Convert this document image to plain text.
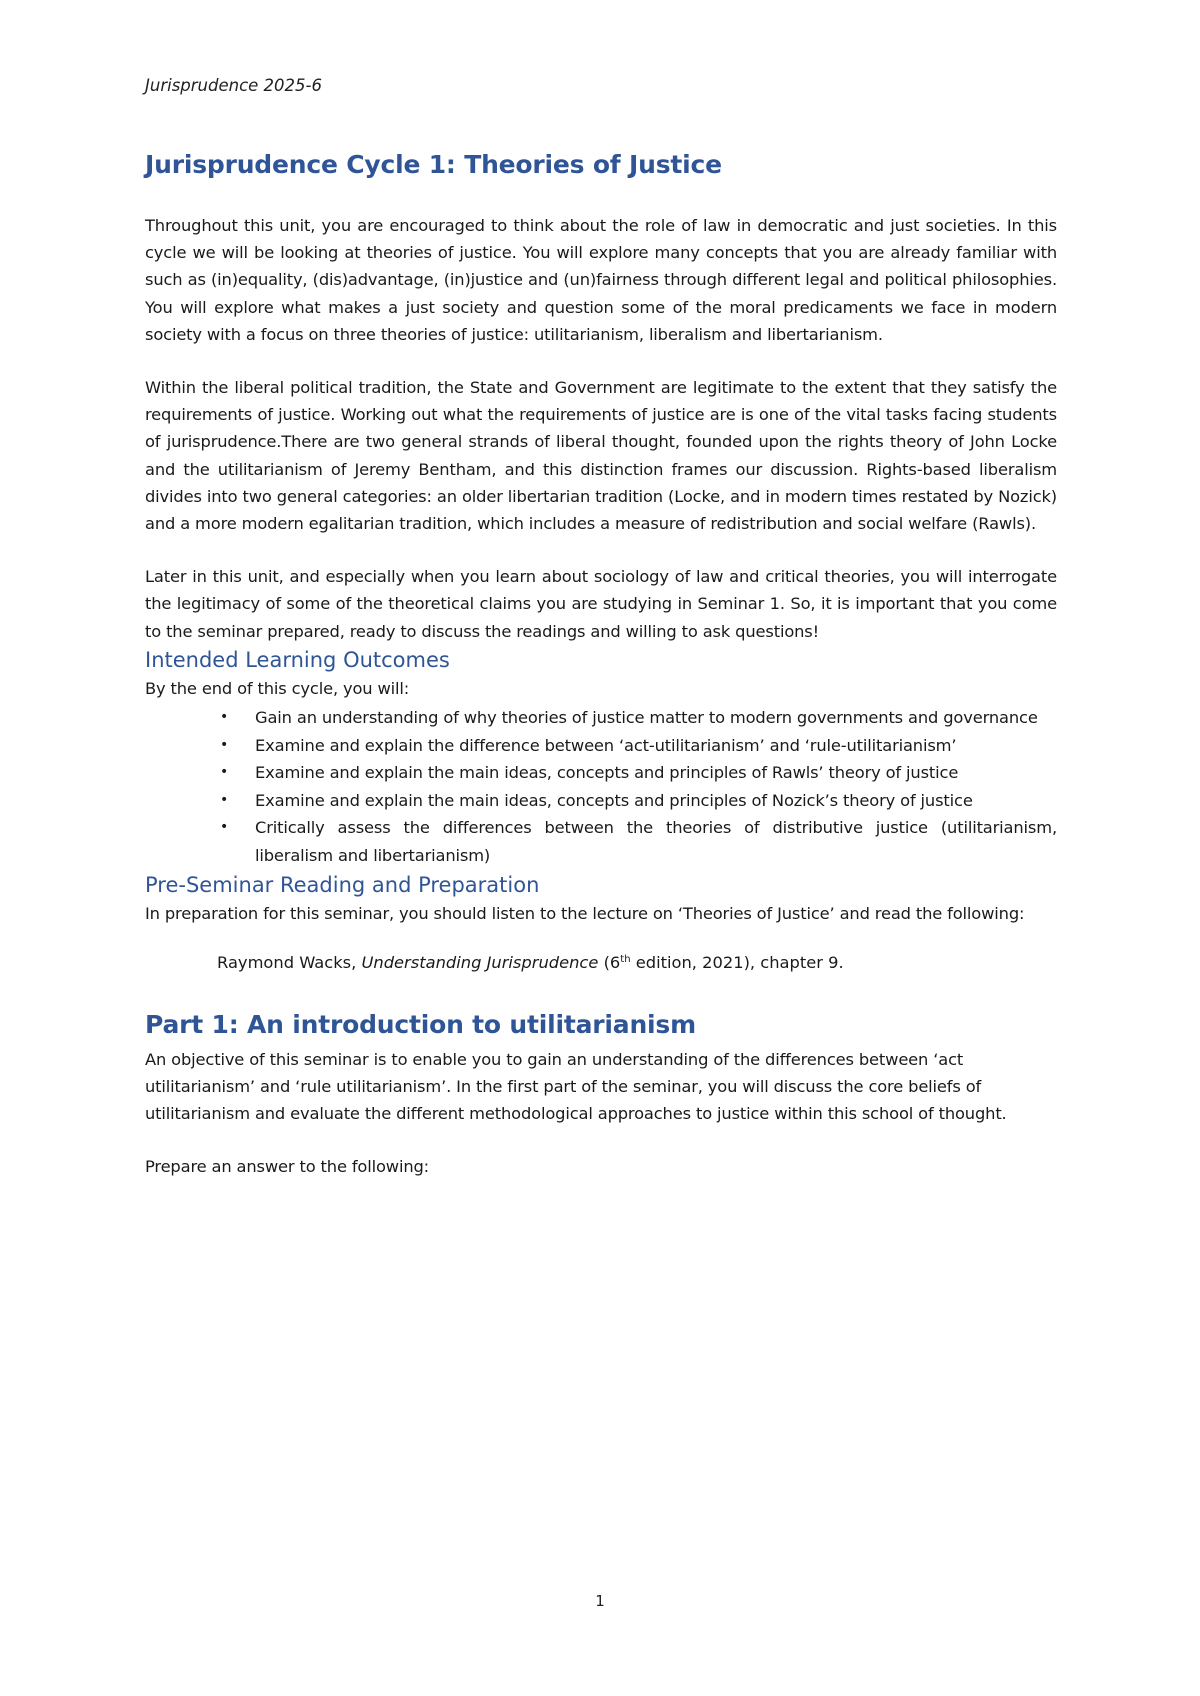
Jurisprudence 2025-6
Jurisprudence Cycle 1: Theories of Justice

Throughout this unit, you are encouraged to think about the role of law in democratic and just societies. In this cycle we will be looking at theories of justice. You will explore many concepts that you are already familiar with such as (in)equality, (dis)advantage, (in)justice and (un)fairness through different legal and political philosophies. You will explore what makes a just society and question some of the moral predicaments we face in modern society with a focus on three theories of justice: utilitarianism, liberalism and libertarianism.

Within the liberal political tradition, the State and Government are legitimate to the extent that they satisfy the requirements of justice. Working out what the requirements of justice are is one of the vital tasks facing students of jurisprudence.There are two general strands of liberal thought, founded upon the rights theory of John Locke and the utilitarianism of Jeremy Bentham, and this distinction frames our discussion. Rights-based liberalism divides into two general categories: an older libertarian tradition (Locke, and in modern times restated by Nozick) and a more modern egalitarian tradition, which includes a measure of redistribution and social welfare (Rawls).

Later in this unit, and especially when you learn about sociology of law and critical theories, you will interrogate the legitimacy of some of the theoretical claims you are studying in Seminar 1. So, it is important that you come to the seminar prepared, ready to discuss the readings and willing to ask questions!

Intended Learning Outcomes

By the end of this cycle, you will:

• Gain an understanding of why theories of justice matter to modern governments and governance
• Examine and explain the difference between ‘act-utilitarianism’ and ‘rule-utilitarianism’
• Examine and explain the main ideas, concepts and principles of Rawls’ theory of justice
• Examine and explain the main ideas, concepts and principles of Nozick’s theory of justice
• Critically assess the differences between the theories of distributive justice (utilitarianism, liberalism and libertarianism)
Pre-Seminar Reading and Preparation

In preparation for this seminar, you should listen to the lecture on ‘Theories of Justice’ and read the following:

Raymond Wacks, Understanding Jurisprudence (6th edition, 2021), chapter 9.
Part 1: An introduction to utilitarianism

An objective of this seminar is to enable you to gain an understanding of the differences between ‘act utilitarianism’ and ‘rule utilitarianism’. In the first part of the seminar, you will discuss the core beliefs of utilitarianism and evaluate the different methodological approaches to justice within this school of thought.

Prepare an answer to the following:

1
